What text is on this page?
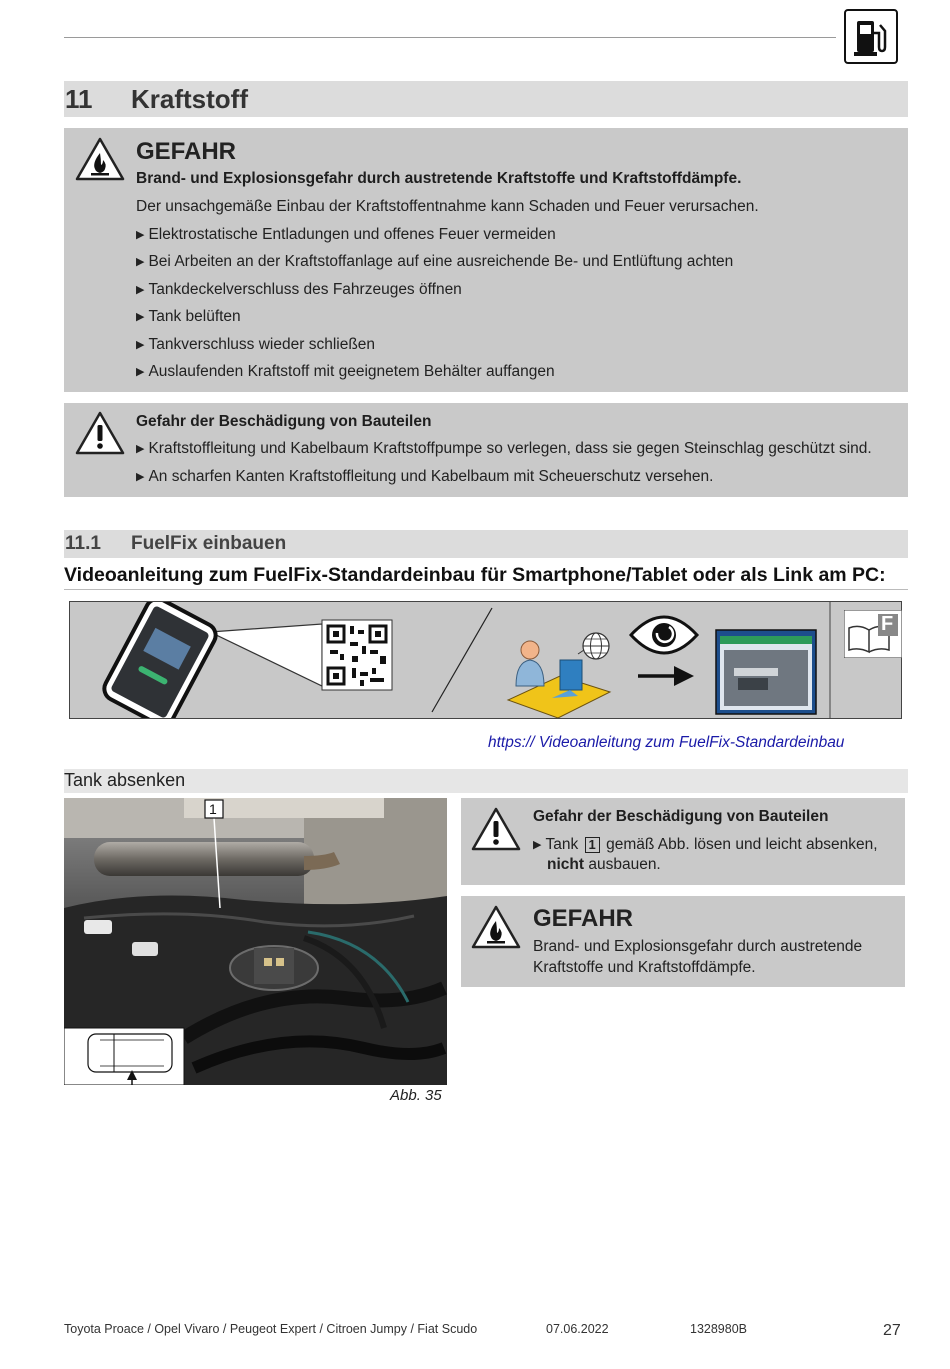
11 Kraftstoff
GEFAHR
Brand- und Explosionsgefahr durch austretende Kraftstoffe und Kraftstoffdämpfe.
Der unsachgemäße Einbau der Kraftstoffentnahme kann Schaden und Feuer verursachen.
▶ Elektrostatische Entladungen und offenes Feuer vermeiden
▶ Bei Arbeiten an der Kraftstoffanlage auf eine ausreichende Be- und Entlüftung achten
▶ Tankdeckelverschluss des Fahrzeuges öffnen
▶ Tank belüften
▶ Tankverschluss wieder schließen
▶ Auslaufenden Kraftstoff mit geeignetem Behälter auffangen
Gefahr der Beschädigung von Bauteilen
▶ Kraftstoffleitung und Kabelbaum Kraftstoffpumpe so verlegen, dass sie gegen Steinschlag geschützt sind.
▶ An scharfen Kanten Kraftstoffleitung und Kabelbaum mit Scheuerschutz versehen.
11.1 FuelFix einbauen
Videoanleitung zum FuelFix-Standardeinbau für Smartphone/Tablet oder als Link am PC:
F
https:// Videoanleitung zum FuelFix-Standardeinbau
Tank absenken
1
Abb. 35
Gefahr der Beschädigung von Bauteilen
▶ Tank 1 gemäß Abb. lösen und leicht absenken,
nicht ausbauen.
GEFAHR
Brand- und Explosionsgefahr durch austretende
Kraftstoffe und Kraftstoffdämpfe.
Toyota Proace / Opel Vivaro / Peugeot Expert / Citroen Jumpy / Fiat Scudo	07.06.2022	1328980B	27
